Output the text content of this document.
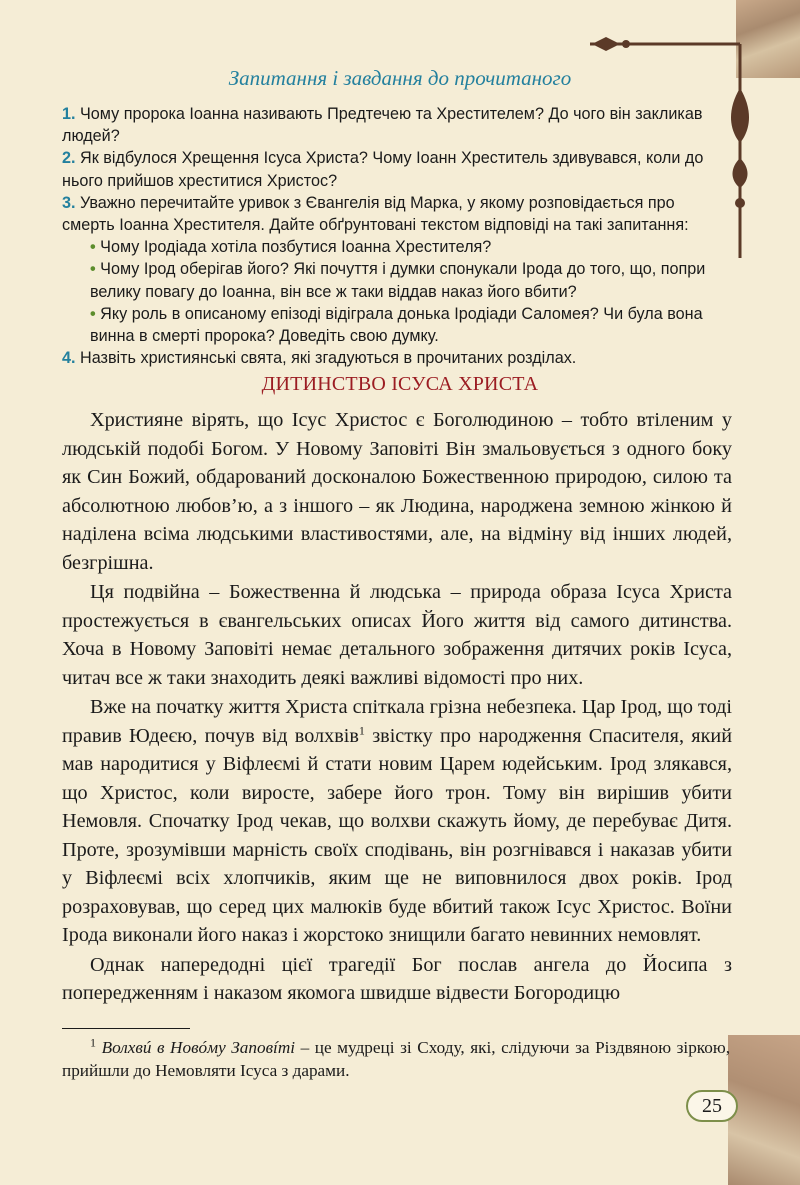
Запитання і завдання до прочитаного

1. Чому пророка Іоанна називають Предтечею та Хрестителем? До чого він закликав людей?

2. Як відбулося Хрещення Ісуса Христа? Чому Іоанн Хреститель здивувався, коли до нього прийшов хреститися Христос?

3. Уважно перечитайте уривок з Євангелія від Марка, у якому розповідається про смерть Іоанна Хрестителя. Дайте обґрунтовані текстом відповіді на такі запитання:

• Чому Іродіада хотіла позбутися Іоанна Хрестителя?

• Чому Ірод оберігав його? Які почуття і думки спонукали Ірода до того, що, попри велику повагу до Іоанна, він все ж таки віддав наказ його вбити?

• Яку роль в описаному епізоді відіграла донька Іродіади Саломея? Чи була вона винна в смерті пророка? Доведіть свою думку.

4. Назвіть християнські свята, які згадуються в прочитаних розділах.

ДИТИНСТВО ІСУСА ХРИСТА

Християне вірять, що Ісус Христос є Боголюдиною – тобто втіленим у людській подобі Богом. У Новому Заповіті Він змальовується з одного боку як Син Божий, обдарований досконалою Божественною природою, силою та абсолютною любов’ю, а з іншого – як Людина, народжена земною жінкою й наділена всіма людськими властивостями, але, на відміну від інших людей, безгрішна.

Ця подвійна – Божественна й людська – природа образа Ісуса Христа простежується в євангельських описах Його життя від самого дитинства. Хоча в Новому Заповіті немає детального зображення дитячих років Ісуса, читач все ж таки знаходить деякі важливі відомості про них.

Вже на початку життя Христа спіткала грізна небезпека. Цар Ірод, що тоді правив Юдеєю, почув від волхвів$^1$ звістку про народження Спасителя, який мав народитися у Віфлеємі й стати новим Царем юдейським. Ірод злякався, що Христос, коли виросте, забере його трон. Тому він вирішив убити Немовля. Спочатку Ірод чекав, що волхви скажуть йому, де перебуває Дитя. Проте, зрозумівши марність своїх сподівань, він розгнівався і наказав убити у Віфлеємі всіх хлопчиків, яким ще не виповнилося двох років. Ірод розраховував, що серед цих малюків буде вбитий також Ісус Христос. Воїни Ірода виконали його наказ і жорстоко знищили багато невинних немовлят.

Однак напередодні цієї трагедії Бог послав ангела до Йосипа з попередженням і наказом якомога швидше відвести Богородицю

$^1$ Волхвú в Новóму Заповíті – це мудреці зі Сходу, які, слідуючи за Різдвяною зіркою, прийшли до Немовляти Ісуса з дарами.

25
